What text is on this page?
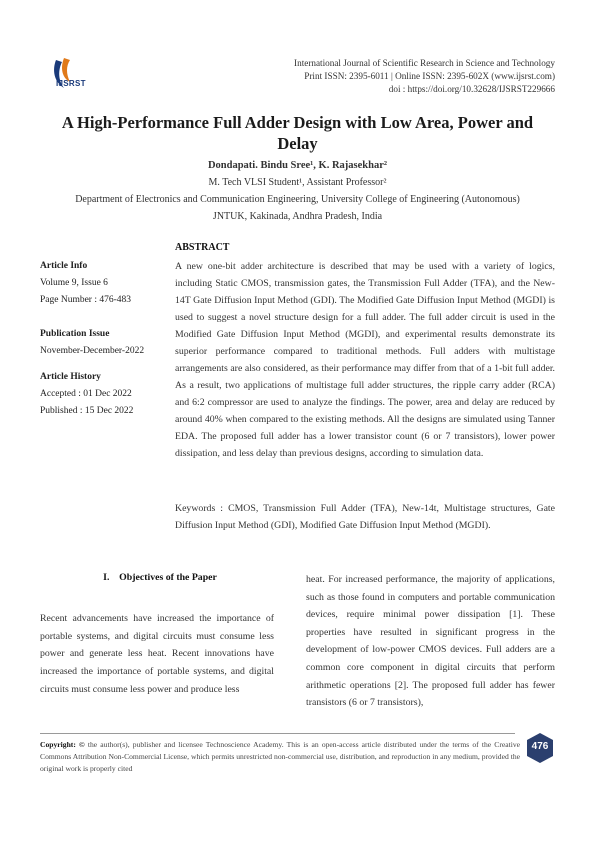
IJSRST
International Journal of Scientific Research in Science and Technology
Print ISSN: 2395-6011 | Online ISSN: 2395-602X (www.ijsrst.com)
doi : https://doi.org/10.32628/IJSRST229666
A High-Performance Full Adder Design with Low Area, Power and Delay
Dondapati. Bindu Sree¹, K. Rajasekhar²
M. Tech VLSI Student¹, Assistant Professor²
Department of Electronics and Communication Engineering, University College of Engineering (Autonomous)
JNTUK, Kakinada, Andhra Pradesh, India
Article Info
Volume 9, Issue 6
Page Number : 476-483
Publication Issue
November-December-2022
Article History
Accepted : 01 Dec 2022
Published : 15 Dec 2022
ABSTRACT
A new one-bit adder architecture is described that may be used with a variety of logics, including Static CMOS, transmission gates, the Transmission Full Adder (TFA), and the New-14T Gate Diffusion Input Method (GDI). The Modified Gate Diffusion Input Method (MGDI) is used to suggest a novel structure design for a full adder. The full adder circuit is used in the Modified Gate Diffusion Input Method (MGDI), and experimental results demonstrate its superior performance compared to traditional methods. Full adders with multistage arrangements are also considered, as their performance may differ from that of a 1-bit full adder. As a result, two applications of multistage full adder structures, the ripple carry adder (RCA) and 6:2 compressor are used to analyze the findings. The power, area and delay are reduced by around 40% when compared to the existing methods. All the designs are simulated using Tanner EDA. The proposed full adder has a lower transistor count (6 or 7 transistors), lower power dissipation, and less delay than previous designs, according to simulation data.
Keywords : CMOS, Transmission Full Adder (TFA), New-14t, Multistage structures, Gate Diffusion Input Method (GDI), Modified Gate Diffusion Input Method (MGDI).
I.    Objectives of the Paper
Recent advancements have increased the importance of portable systems, and digital circuits must consume less power and generate less heat. Recent innovations have increased the importance of portable systems, and digital circuits must consume less power and produce less
heat. For increased performance, the majority of applications, such as those found in computers and portable communication devices, require minimal power dissipation [1]. These properties have resulted in significant progress in the development of low-power CMOS devices. Full adders are a common core component in digital circuits that perform arithmetic operations [2]. The proposed full adder has fewer transistors (6 or 7 transistors),
Copyright: © the author(s), publisher and licensee Technoscience Academy. This is an open-access article distributed under the terms of the Creative Commons Attribution Non-Commercial License, which permits unrestricted non-commercial use, distribution, and reproduction in any medium, provided the original work is properly cited
476
